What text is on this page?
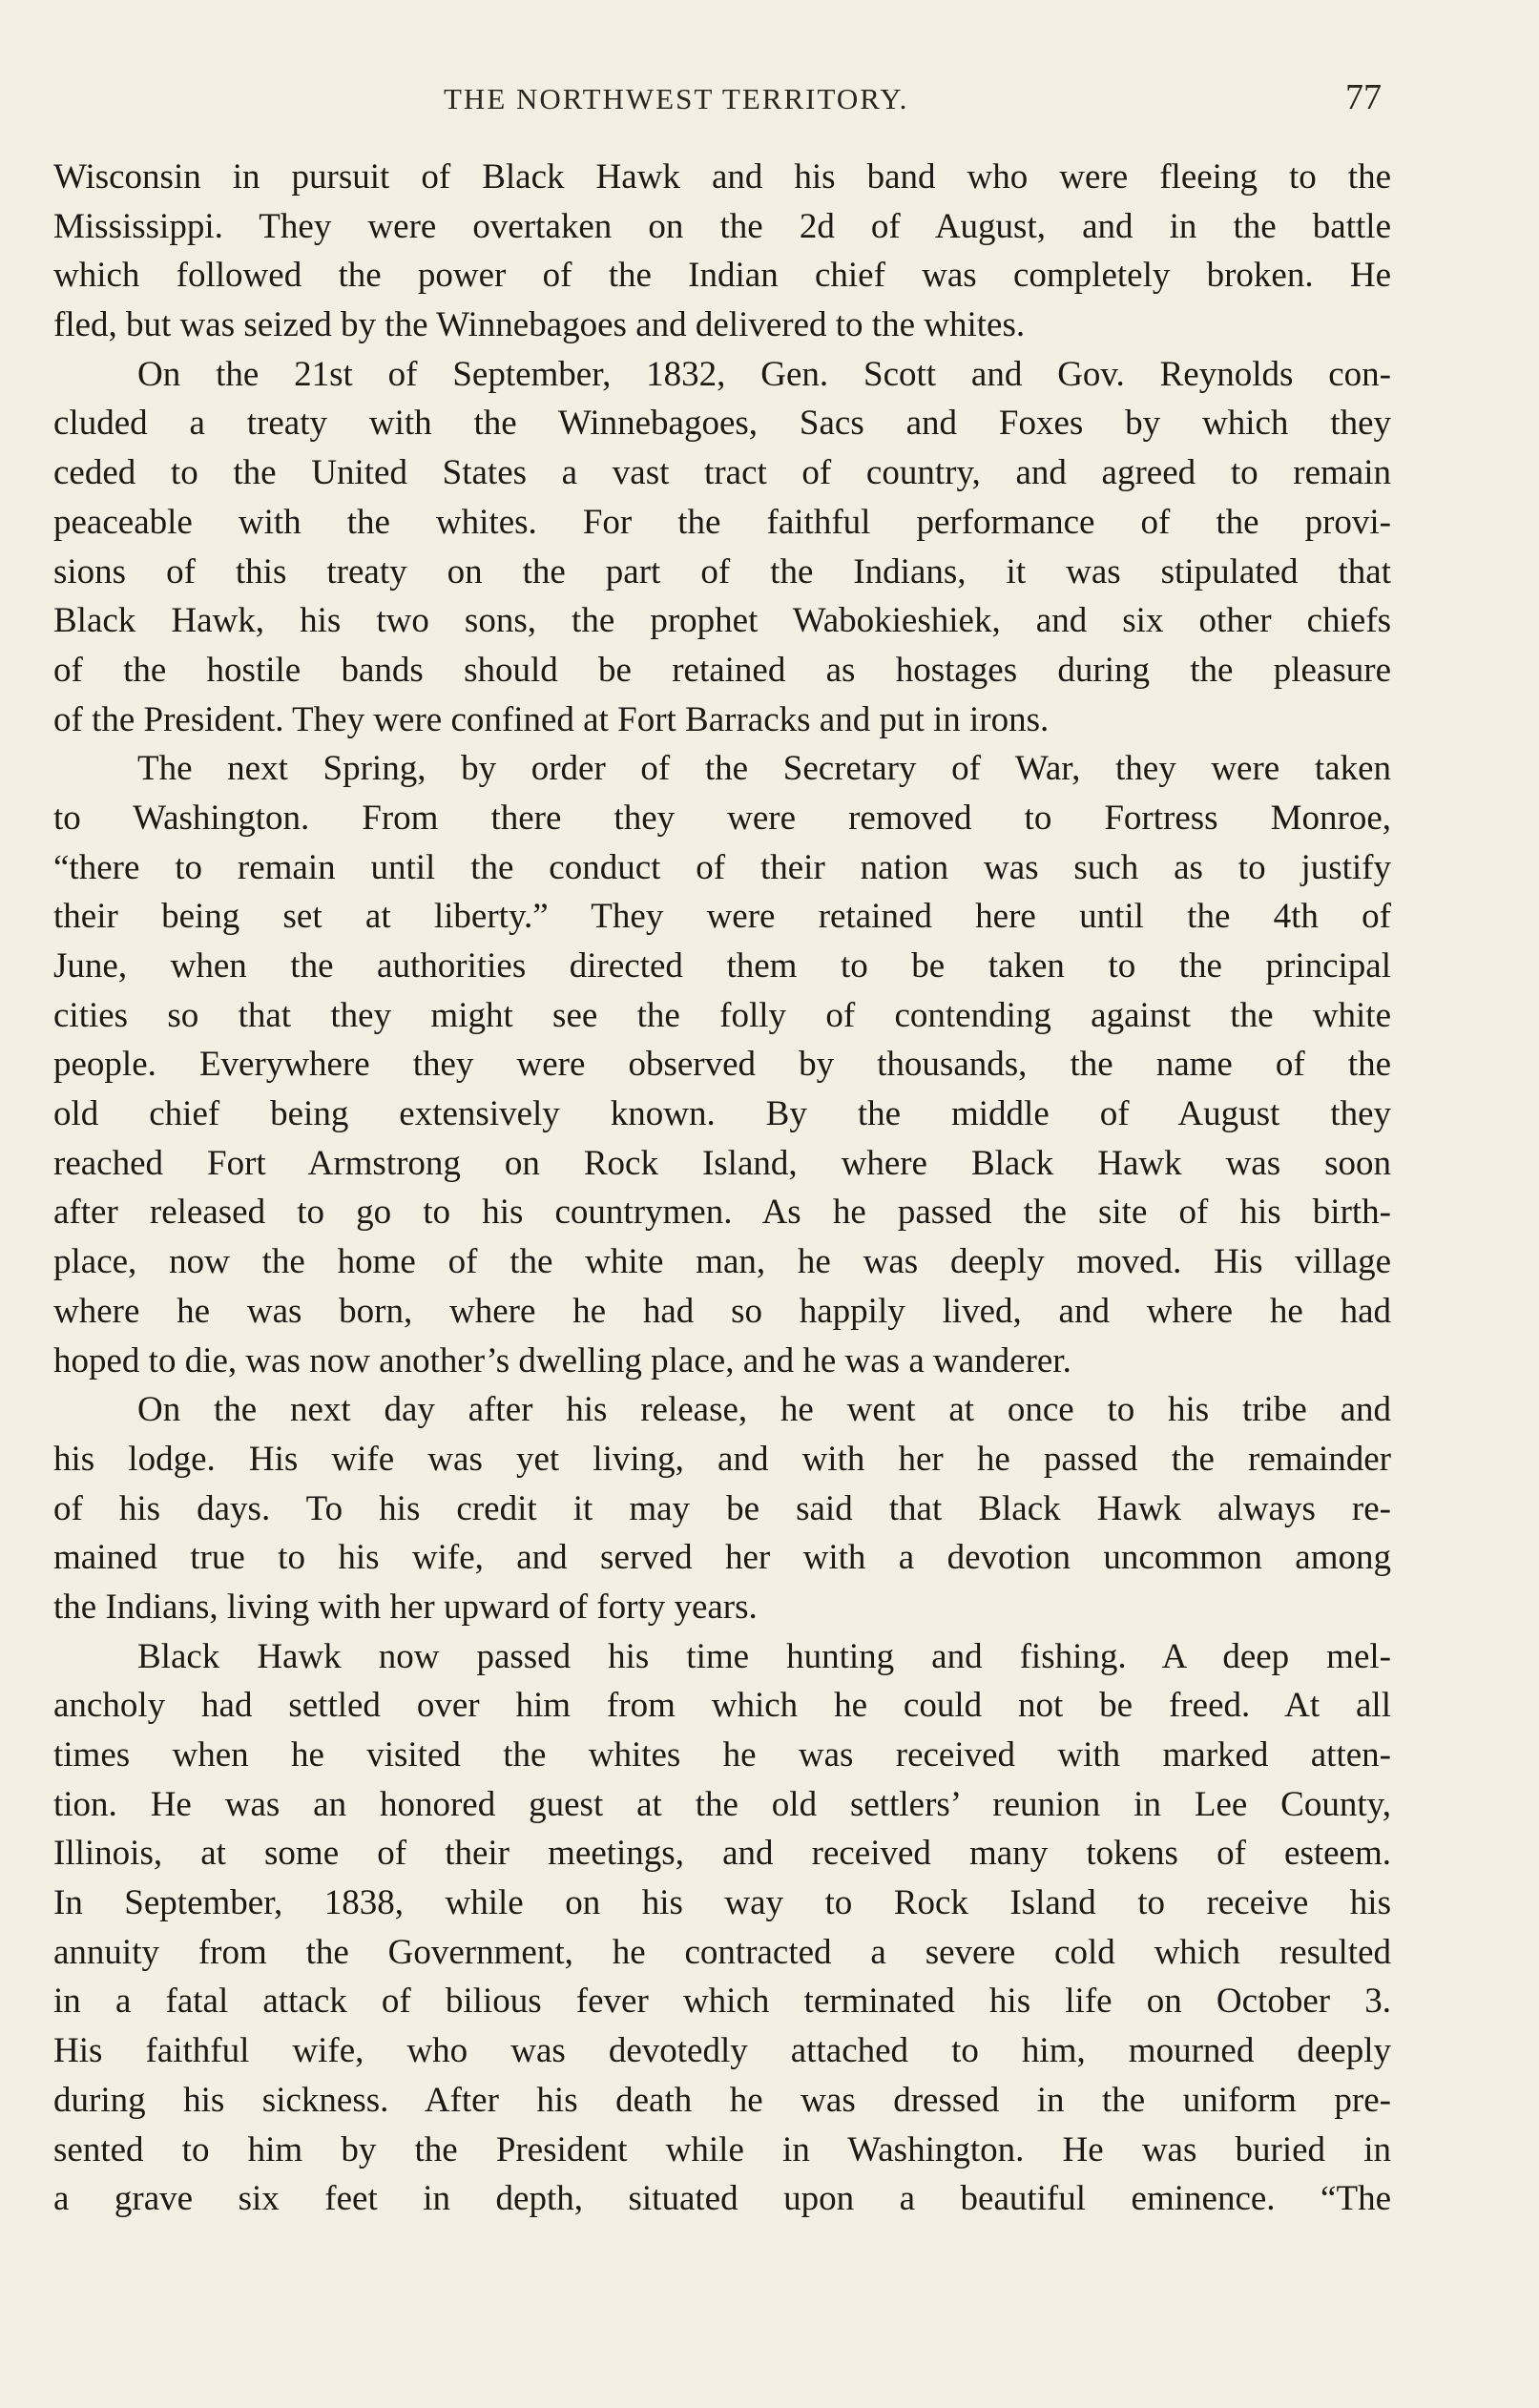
THE NORTHWEST TERRITORY.	77
Wisconsin in pursuit of Black Hawk and his band who were fleeing to the
Mississippi. They were overtaken on the 2d of August, and in the battle
which followed the power of the Indian chief was completely broken. He
fled, but was seized by the Winnebagoes and delivered to the whites.
On the 21st of September, 1832, Gen. Scott and Gov. Reynolds con-
cluded a treaty with the Winnebagoes, Sacs and Foxes by which they
ceded to the United States a vast tract of country, and agreed to remain
peaceable with the whites. For the faithful performance of the provi-
sions of this treaty on the part of the Indians, it was stipulated that
Black Hawk, his two sons, the prophet Wabokieshiek, and six other chiefs
of the hostile bands should be retained as hostages during the pleasure
of the President. They were confined at Fort Barracks and put in irons.
The next Spring, by order of the Secretary of War, they were taken
to Washington. From there they were removed to Fortress Monroe,
“there to remain until the conduct of their nation was such as to justify
their being set at liberty.” They were retained here until the 4th of
June, when the authorities directed them to be taken to the principal
cities so that they might see the folly of contending against the white
people. Everywhere they were observed by thousands, the name of the
old chief being extensively known. By the middle of August they
reached Fort Armstrong on Rock Island, where Black Hawk was soon
after released to go to his countrymen. As he passed the site of his birth-
place, now the home of the white man, he was deeply moved. His village
where he was born, where he had so happily lived, and where he had
hoped to die, was now another’s dwelling place, and he was a wanderer.
On the next day after his release, he went at once to his tribe and
his lodge. His wife was yet living, and with her he passed the remainder
of his days. To his credit it may be said that Black Hawk always re-
mained true to his wife, and served her with a devotion uncommon among
the Indians, living with her upward of forty years.
Black Hawk now passed his time hunting and fishing. A deep mel-
ancholy had settled over him from which he could not be freed. At all
times when he visited the whites he was received with marked atten-
tion. He was an honored guest at the old settlers’ reunion in Lee County,
Illinois, at some of their meetings, and received many tokens of esteem.
In September, 1838, while on his way to Rock Island to receive his
annuity from the Government, he contracted a severe cold which resulted
in a fatal attack of bilious fever which terminated his life on October 3.
His faithful wife, who was devotedly attached to him, mourned deeply
during his sickness. After his death he was dressed in the uniform pre-
sented to him by the President while in Washington. He was buried in
a grave six feet in depth, situated upon a beautiful eminence. “The
